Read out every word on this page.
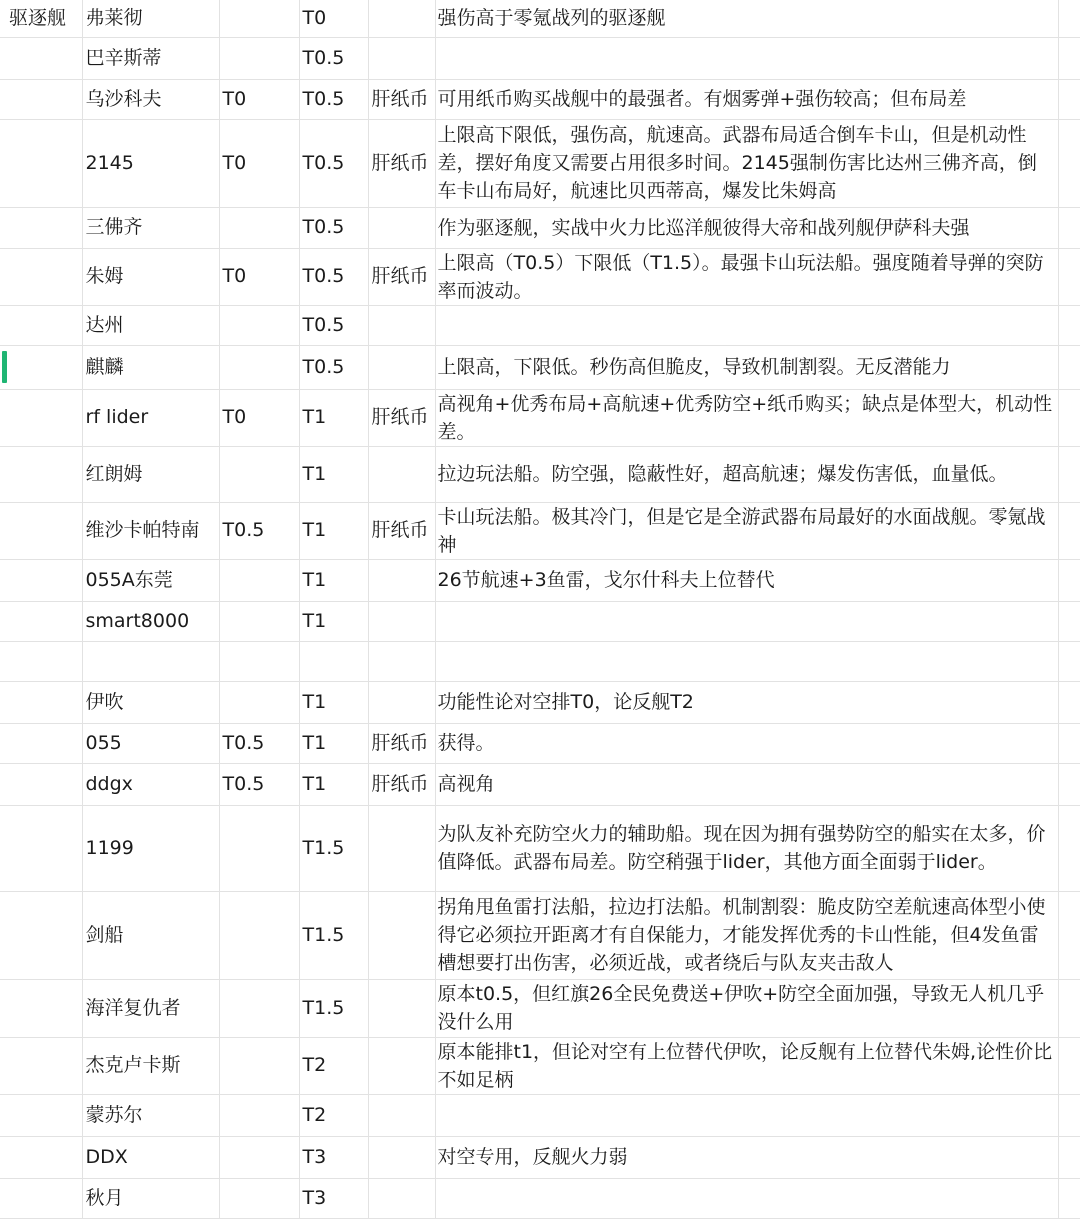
驱逐舰	弗莱彻		T0		强伤高于零氪战列的驱逐舰	
	巴辛斯蒂		T0.5			
	乌沙科夫	T0	T0.5	肝纸币	可用纸币购买战舰中的最强者。有烟雾弹+强伤较高；但布局差	
	2145	T0	T0.5	肝纸币	上限高下限低，强伤高，航速高。武器布局适合倒车卡山，但是机动性差，摆好角度又需要占用很多时间。2145强制伤害比达州三佛齐高，倒车卡山布局好，航速比贝西蒂高，爆发比朱姆高	
	三佛齐		T0.5		作为驱逐舰，实战中火力比巡洋舰彼得大帝和战列舰伊萨科夫强	
	朱姆	T0	T0.5	肝纸币	上限高（T0.5）下限低（T1.5）。最强卡山玩法船。强度随着导弹的突防率而波动。	
	达州		T0.5			
	麒麟		T0.5		上限高，下限低。秒伤高但脆皮，导致机制割裂。无反潜能力	
	rf lider	T0	T1	肝纸币	高视角+优秀布局+高航速+优秀防空+纸币购买；缺点是体型大，机动性差。	
	红朗姆		T1		拉边玩法船。防空强，隐蔽性好，超高航速；爆发伤害低，血量低。	
	维沙卡帕特南	T0.5	T1	肝纸币	卡山玩法船。极其冷门，但是它是全游武器布局最好的水面战舰。零氪战神	
	055A东莞		T1		26节航速+3鱼雷，戈尔什科夫上位替代	
	smart8000		T1			

	伊吹		T1		功能性论对空排T0，论反舰T2	
	055	T0.5	T1	肝纸币	获得。	
	ddgx	T0.5	T1	肝纸币	高视角	
	1199		T1.5		为队友补充防空火力的辅助船。现在因为拥有强势防空的船实在太多，价值降低。武器布局差。防空稍强于lider，其他方面全面弱于lider。	
	剑船		T1.5		拐角甩鱼雷打法船，拉边打法船。机制割裂：脆皮防空差航速高体型小使得它必须拉开距离才有自保能力，才能发挥优秀的卡山性能，但4发鱼雷槽想要打出伤害，必须近战，或者绕后与队友夹击敌人	
	海洋复仇者		T1.5		原本t0.5，但红旗26全民免费送+伊吹+防空全面加强，导致无人机几乎没什么用	
	杰克卢卡斯		T2		原本能排t1，但论对空有上位替代伊吹，论反舰有上位替代朱姆,论性价比不如足柄	
	蒙苏尔		T2			
	DDX		T3		对空专用，反舰火力弱	
	秋月		T3			
